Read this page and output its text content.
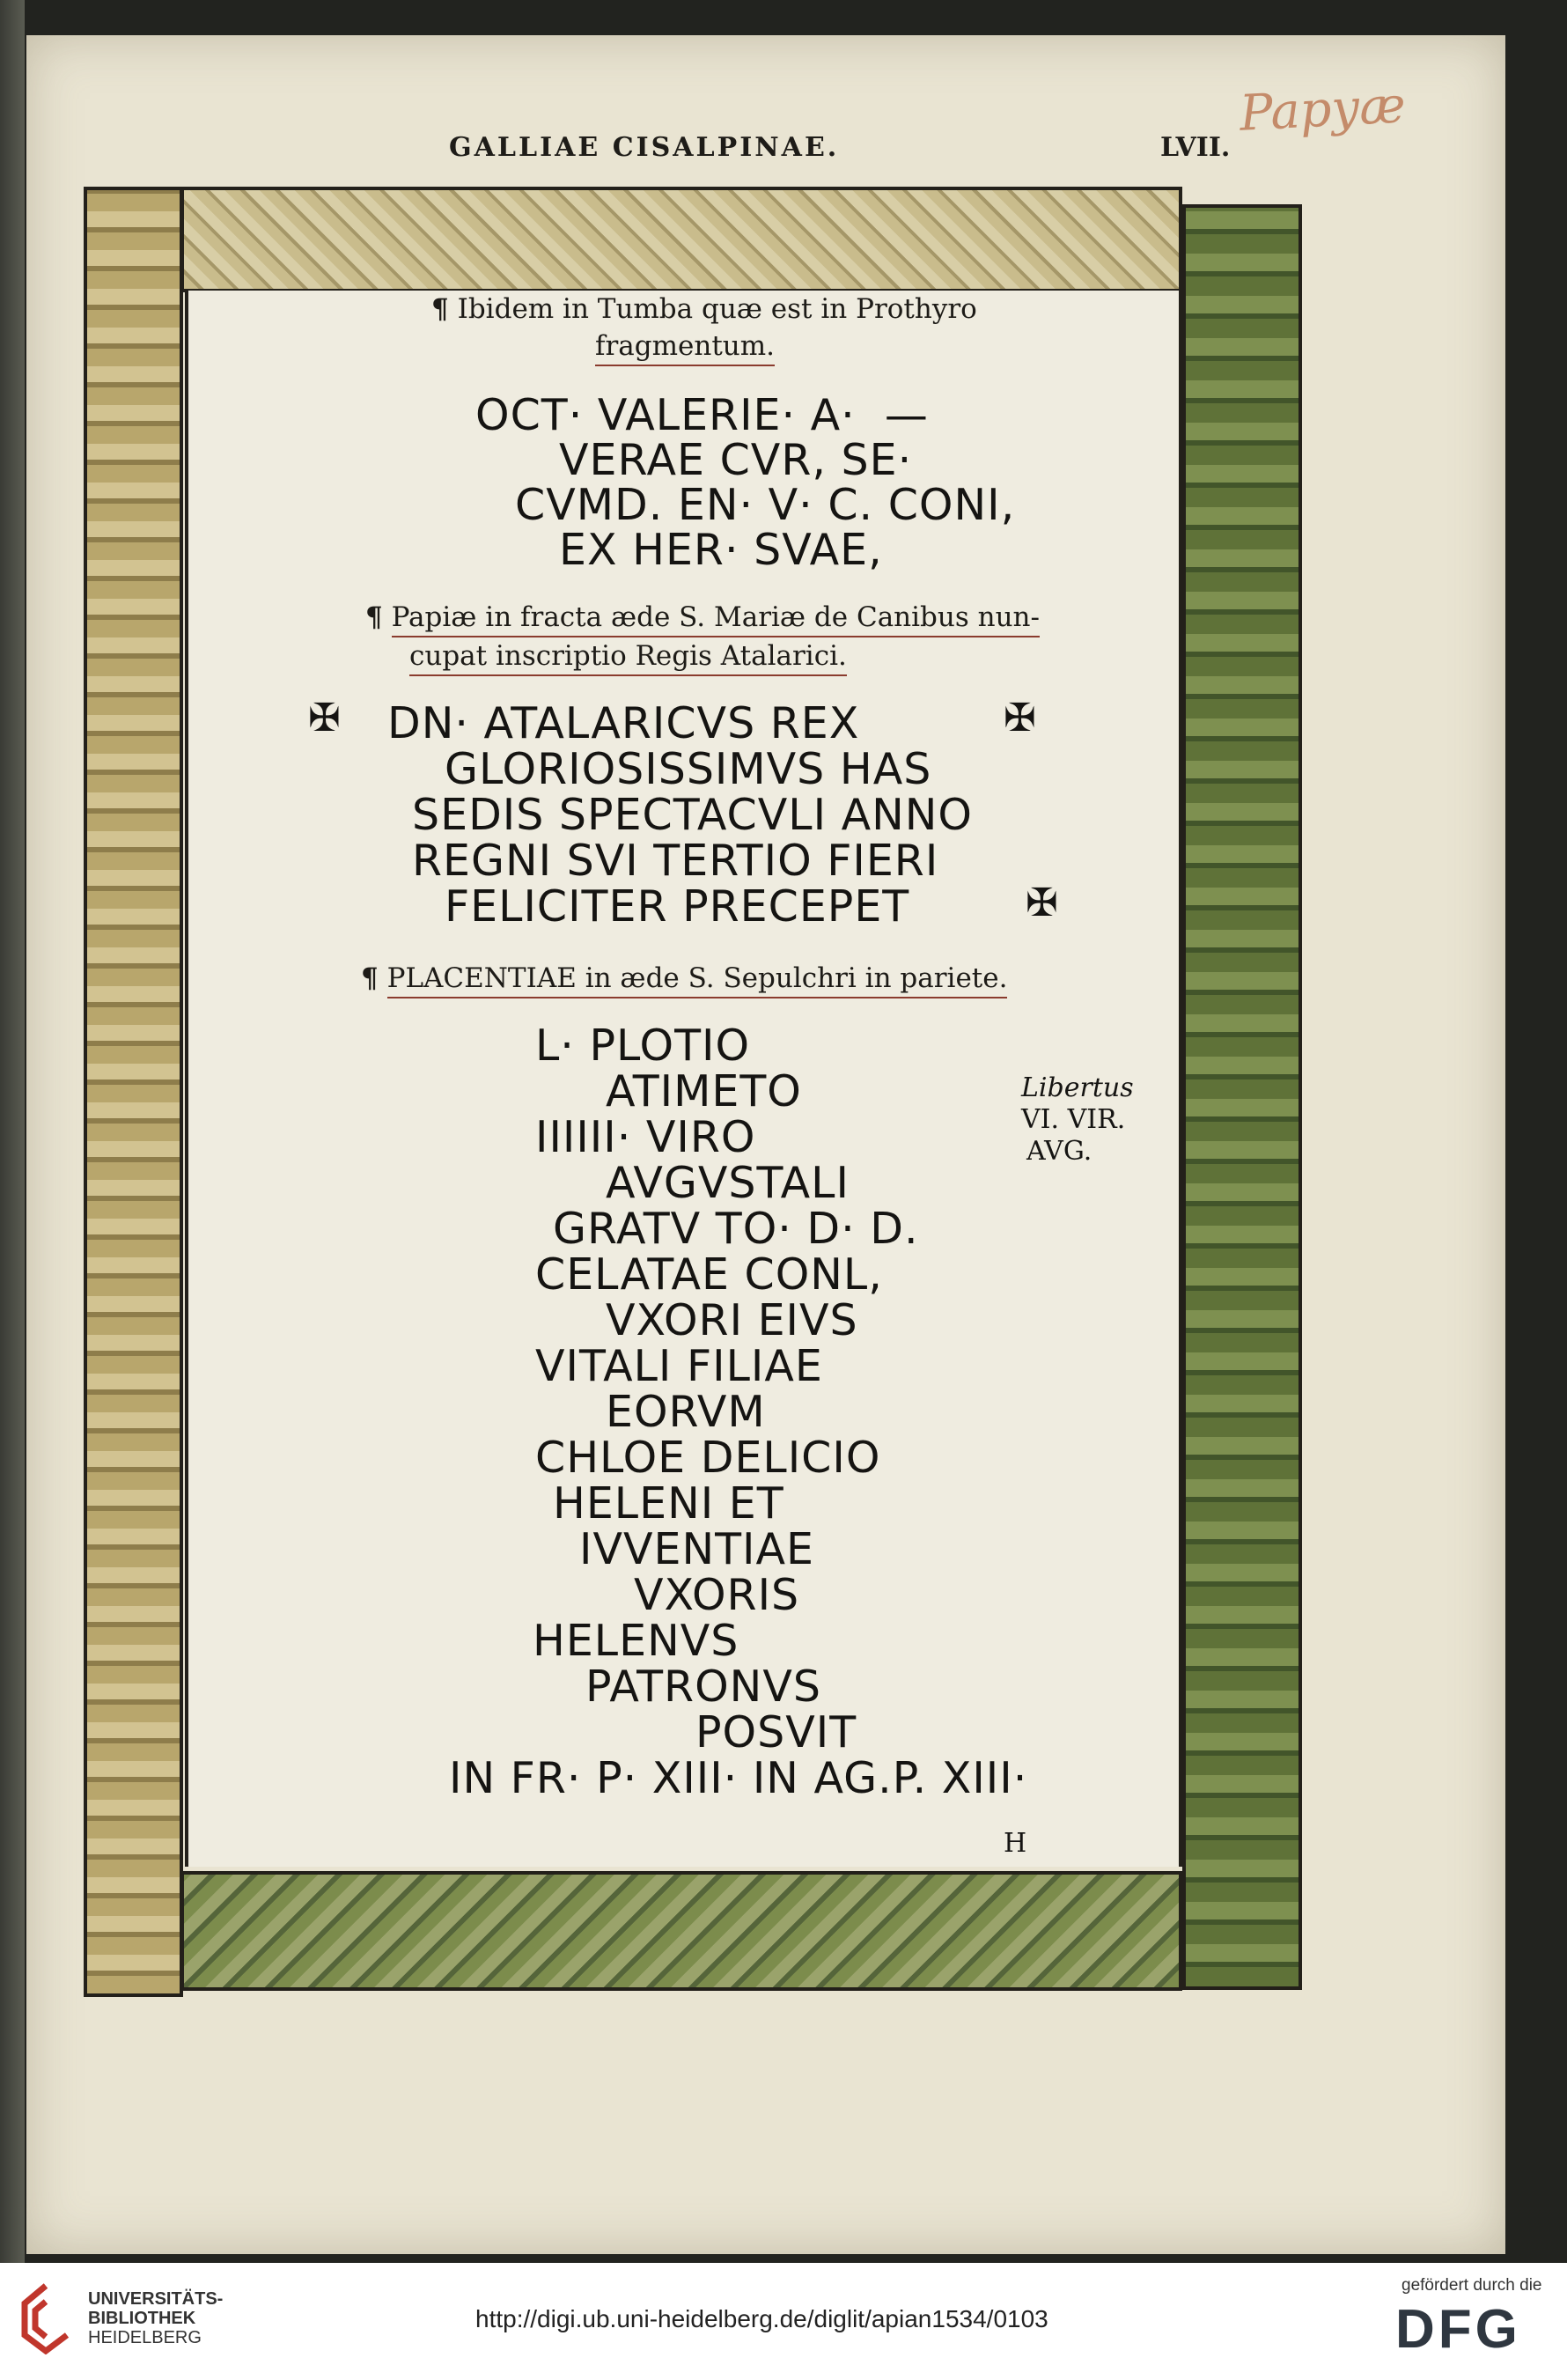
Papyæ
GALLIAE CISALPINAE.	LVII.
¶ Ibidem in Tumba quæ est in Prothyro
fragmentum.
OCT· VALERIE· A·  —
VERAE CVR, SE·
CVMD. EN· V· C. CONI,
EX HER· SVAE,
¶ Papiæ in fracta æde S. Mariæ de Canibus nun-
cupat inscriptio Regis Atalarici.
✠	✠
✠
DN· ATALARICVS REX
GLORIOSISSIMVS HAS
SEDIS SPECTACVLI ANNO
REGNI SVI TERTIO FIERI
FELICITER PRECEPET
¶ PLACENTIAE in æde S. Sepulchri in pariete.
L· PLOTIO
ATIMETO
IIIIII· VIRO
AVGVSTALI
GRATV TO· D· D.
CELATAE CONL,
VXORI EIVS
VITALI FILIAE
EORVM
CHLOE DELICIO
HELENI ET
IVVENTIAE
VXORIS
HELENVS
PATRONVS
POSVIT
IN FR· P· XIII· IN AG.P. XIII·
Libertus
VI. VIR.
AVG.
H
UNIVERSITÄTS-
BIBLIOTHEK
HEIDELBERG
http://digi.ub.uni-heidelberg.de/diglit/apian1534/0103
gefördert durch die
DFG
